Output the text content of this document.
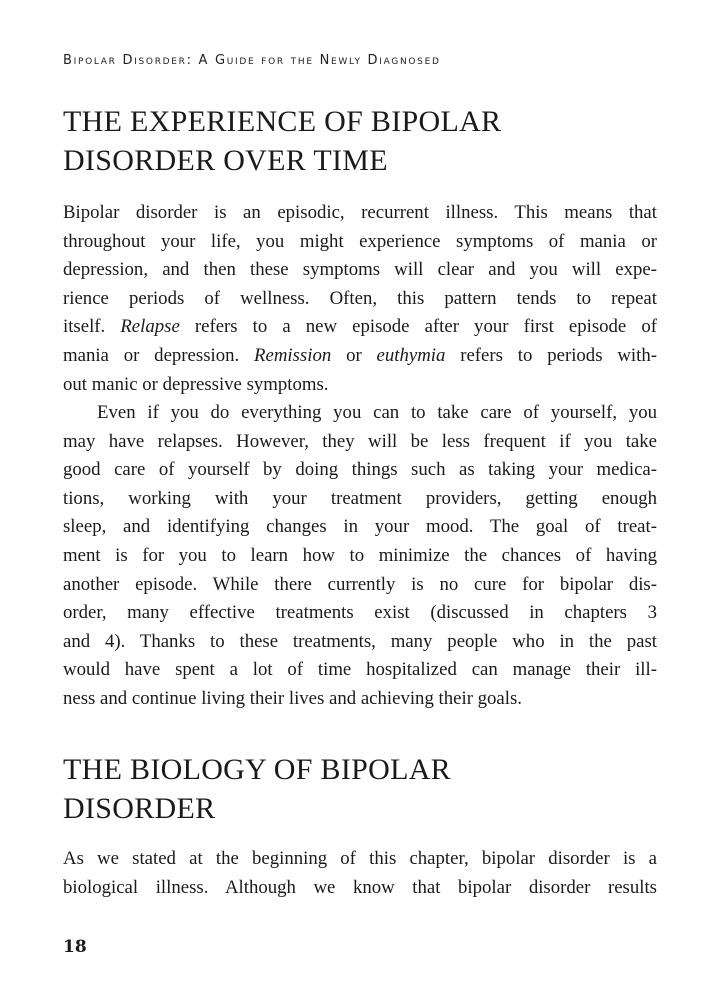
Bipolar Disorder: A Guide for the Newly Diagnosed
THE EXPERIENCE OF BIPOLAR
DISORDER OVER TIME
Bipolar disorder is an episodic, recurrent illness. This means that
throughout your life, you might experience symptoms of mania or
depression, and then these symptoms will clear and you will expe-
rience periods of wellness. Often, this pattern tends to repeat
itself. Relapse refers to a new episode after your first episode of
mania or depression. Remission or euthymia refers to periods with-
out manic or depressive symptoms.
Even if you do everything you can to take care of yourself, you
may have relapses. However, they will be less frequent if you take
good care of yourself by doing things such as taking your medica-
tions, working with your treatment providers, getting enough
sleep, and identifying changes in your mood. The goal of treat-
ment is for you to learn how to minimize the chances of having
another episode. While there currently is no cure for bipolar dis-
order, many effective treatments exist (discussed in chapters 3
and 4). Thanks to these treatments, many people who in the past
would have spent a lot of time hospitalized can manage their ill-
ness and continue living their lives and achieving their goals.
THE BIOLOGY OF BIPOLAR
DISORDER
As we stated at the beginning of this chapter, bipolar disorder is a
biological illness. Although we know that bipolar disorder results
18
